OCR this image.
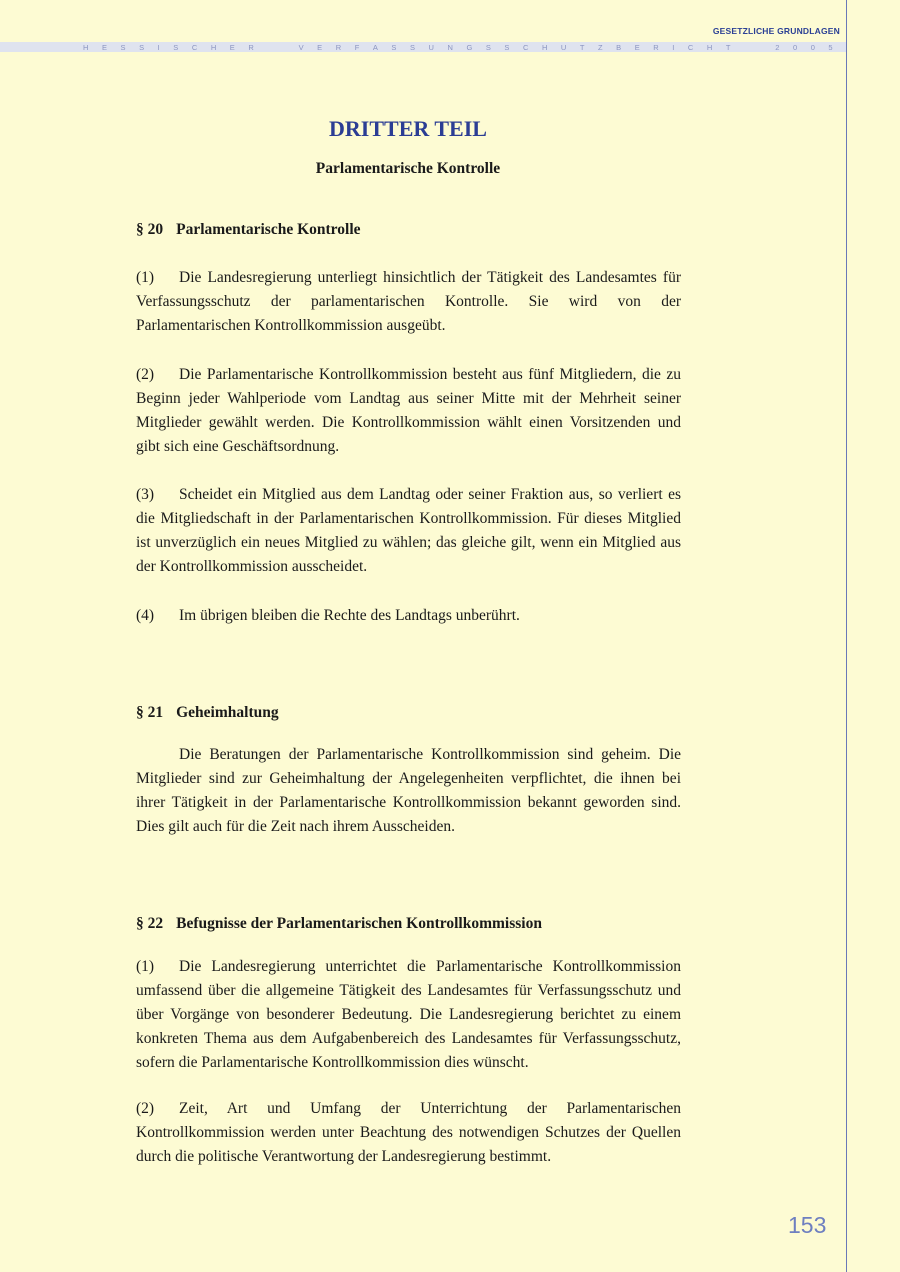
GESETZLICHE GRUNDLAGEN
H E S S I S C H E R

	V E R F A S S U N G S S C H U T Z B E R I C H T

	2 0 0 5
DRITTER TEIL
Parlamentarische Kontrolle

§ 20 Parlamentarische Kontrolle

(1) Die Landesregierung unterliegt hinsichtlich der Tätigkeit des Landesamtes für Verfassungsschutz der parlamentarischen Kontrolle. Sie wird von der Parlamentarischen Kontrollkommission ausgeübt.

(2) Die Parlamentarische Kontrollkommission besteht aus fünf Mitgliedern, die zu Beginn jeder Wahlperiode vom Landtag aus seiner Mitte mit der Mehrheit seiner Mitglieder gewählt werden. Die Kontrollkommission wählt einen Vorsitzenden und gibt sich eine Geschäftsordnung.

(3) Scheidet ein Mitglied aus dem Landtag oder seiner Fraktion aus, so verliert es die Mitgliedschaft in der Parlamentarischen Kontrollkommission. Für dieses Mitglied ist unverzüglich ein neues Mitglied zu wählen; das gleiche gilt, wenn ein Mitglied aus der Kontrollkommission ausscheidet.

(4) Im übrigen bleiben die Rechte des Landtags unberührt.

§ 21 Geheimhaltung

Die Beratungen der Parlamentarische Kontrollkommission sind geheim. Die Mitglieder sind zur Geheimhaltung der Angelegenheiten verpflichtet, die ihnen bei ihrer Tätigkeit in der Parlamentarische Kontrollkommission bekannt geworden sind. Dies gilt auch für die Zeit nach ihrem Ausscheiden.

§ 22 Befugnisse der Parlamentarischen Kontrollkommission

(1) Die Landesregierung unterrichtet die Parlamentarische Kontrollkommission umfassend über die allgemeine Tätigkeit des Landesamtes für Verfassungsschutz und über Vorgänge von besonderer Bedeutung. Die Landesregierung berichtet zu einem konkreten Thema aus dem Aufgabenbereich des Landesamtes für Verfassungsschutz, sofern die Parlamentarische Kontrollkommission dies wünscht.

(2) Zeit, Art und Umfang der Unterrichtung der Parlamentarischen Kontrollkommission werden unter Beachtung des notwendigen Schutzes der Quellen durch die politische Verantwortung der Landesregierung bestimmt.

153
